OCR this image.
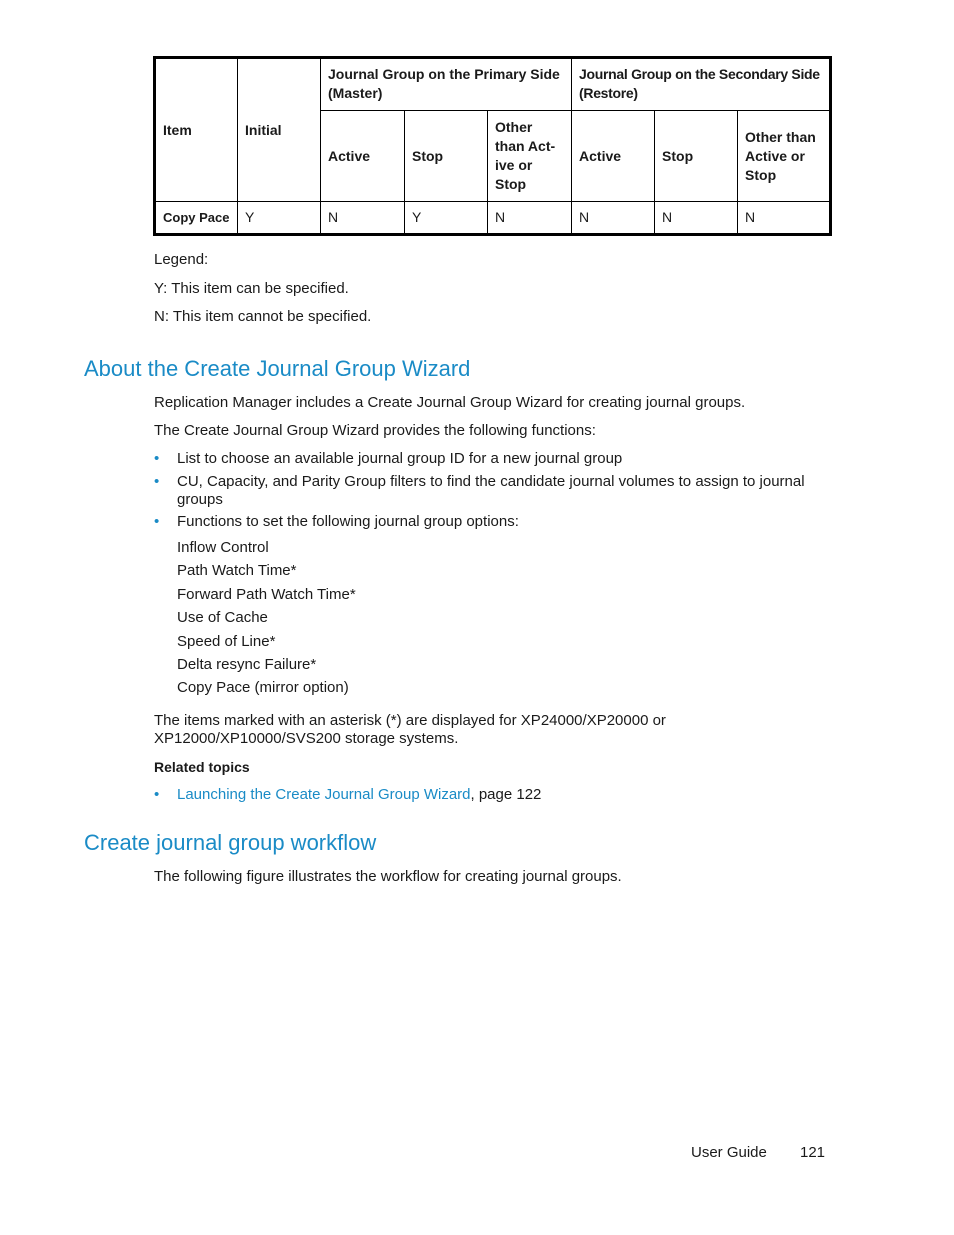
Item	Initial	Journal Group on the Primary Side (Master)			Journal Group on the Secondary Side (Restore)		
		Active	Stop	Other than Act-ive or Stop	Active	Stop	Other than Active or Stop
Copy Pace	Y	N	Y	N	N	N	N
Legend:
Y: This item can be specified.
N: This item cannot be specified.
About the Create Journal Group Wizard
Replication Manager includes a Create Journal Group Wizard for creating journal groups.
The Create Journal Group Wizard provides the following functions:
• List to choose an available journal group ID for a new journal group
• CU, Capacity, and Parity Group filters to find the candidate journal volumes to assign to journal groups
• Functions to set the following journal group options:
Inflow Control
Path Watch Time*
Forward Path Watch Time*
Use of Cache
Speed of Line*
Delta resync Failure*
Copy Pace (mirror option)
The items marked with an asterisk (*) are displayed for XP24000/XP20000 or XP12000/XP10000/SVS200 storage systems.
Related topics
• Launching the Create Journal Group Wizard, page 122
Create journal group workflow
The following figure illustrates the workflow for creating journal groups.
User Guide 121
